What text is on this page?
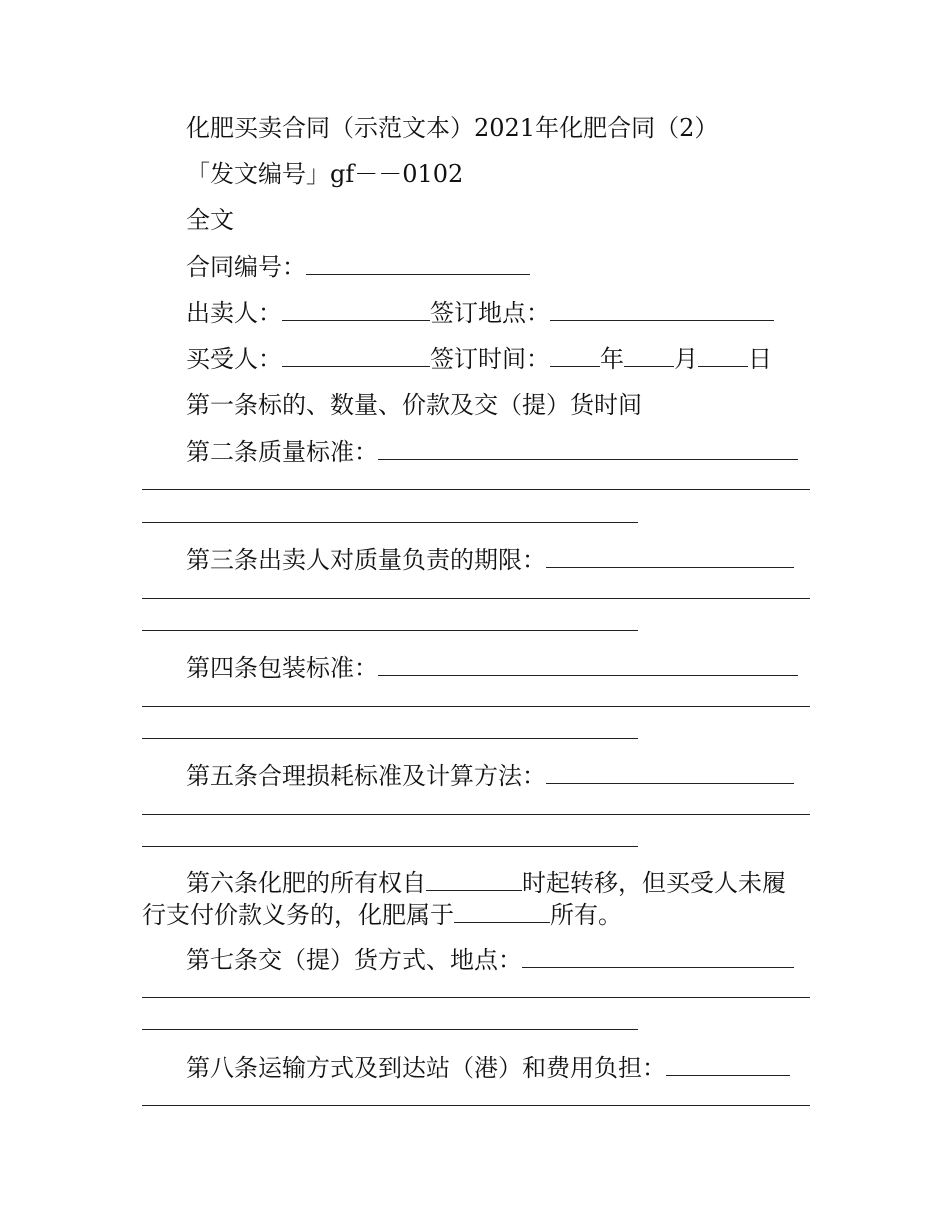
化肥买卖合同（示范文本）2021年化肥合同（2）
「发文编号」gf－－0102
全文
合同编号：
出卖人：	签订地点：
买受人：	签订时间： 年 月 日
第一条标的、数量、价款及交（提）货时间
第二条质量标准：
第三条出卖人对质量负责的期限：
第四条包装标准：
第五条合理损耗标准及计算方法：
第六条化肥的所有权自	时起转移，但买受人未履
行支付价款义务的，化肥属于	所有。
第七条交（提）货方式、地点：
第八条运输方式及到达站（港）和费用负担：
